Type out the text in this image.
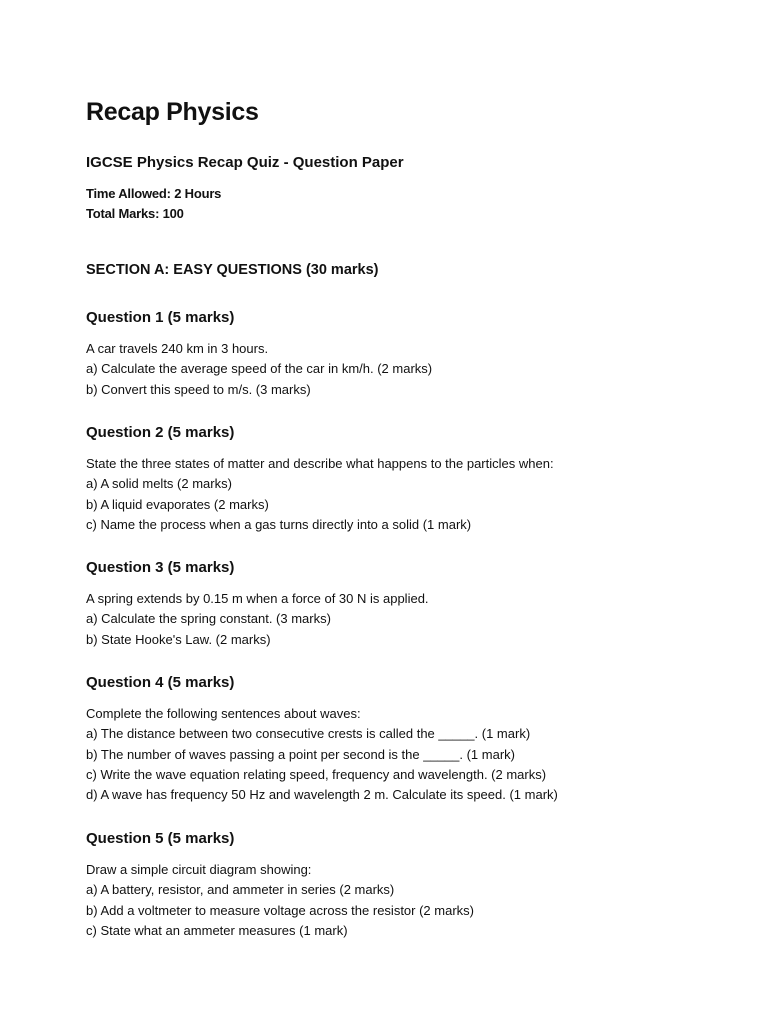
Recap Physics
IGCSE Physics Recap Quiz - Question Paper
Time Allowed: 2 Hours
Total Marks: 100
SECTION A: EASY QUESTIONS (30 marks)
Question 1 (5 marks)
A car travels 240 km in 3 hours.
a) Calculate the average speed of the car in km/h. (2 marks)
b) Convert this speed to m/s. (3 marks)
Question 2 (5 marks)
State the three states of matter and describe what happens to the particles when:
a) A solid melts (2 marks)
b) A liquid evaporates (2 marks)
c) Name the process when a gas turns directly into a solid (1 mark)
Question 3 (5 marks)
A spring extends by 0.15 m when a force of 30 N is applied.
a) Calculate the spring constant. (3 marks)
b) State Hooke's Law. (2 marks)
Question 4 (5 marks)
Complete the following sentences about waves:
a) The distance between two consecutive crests is called the _____. (1 mark)
b) The number of waves passing a point per second is the _____. (1 mark)
c) Write the wave equation relating speed, frequency and wavelength. (2 marks)
d) A wave has frequency 50 Hz and wavelength 2 m. Calculate its speed. (1 mark)
Question 5 (5 marks)
Draw a simple circuit diagram showing:
a) A battery, resistor, and ammeter in series (2 marks)
b) Add a voltmeter to measure voltage across the resistor (2 marks)
c) State what an ammeter measures (1 mark)
